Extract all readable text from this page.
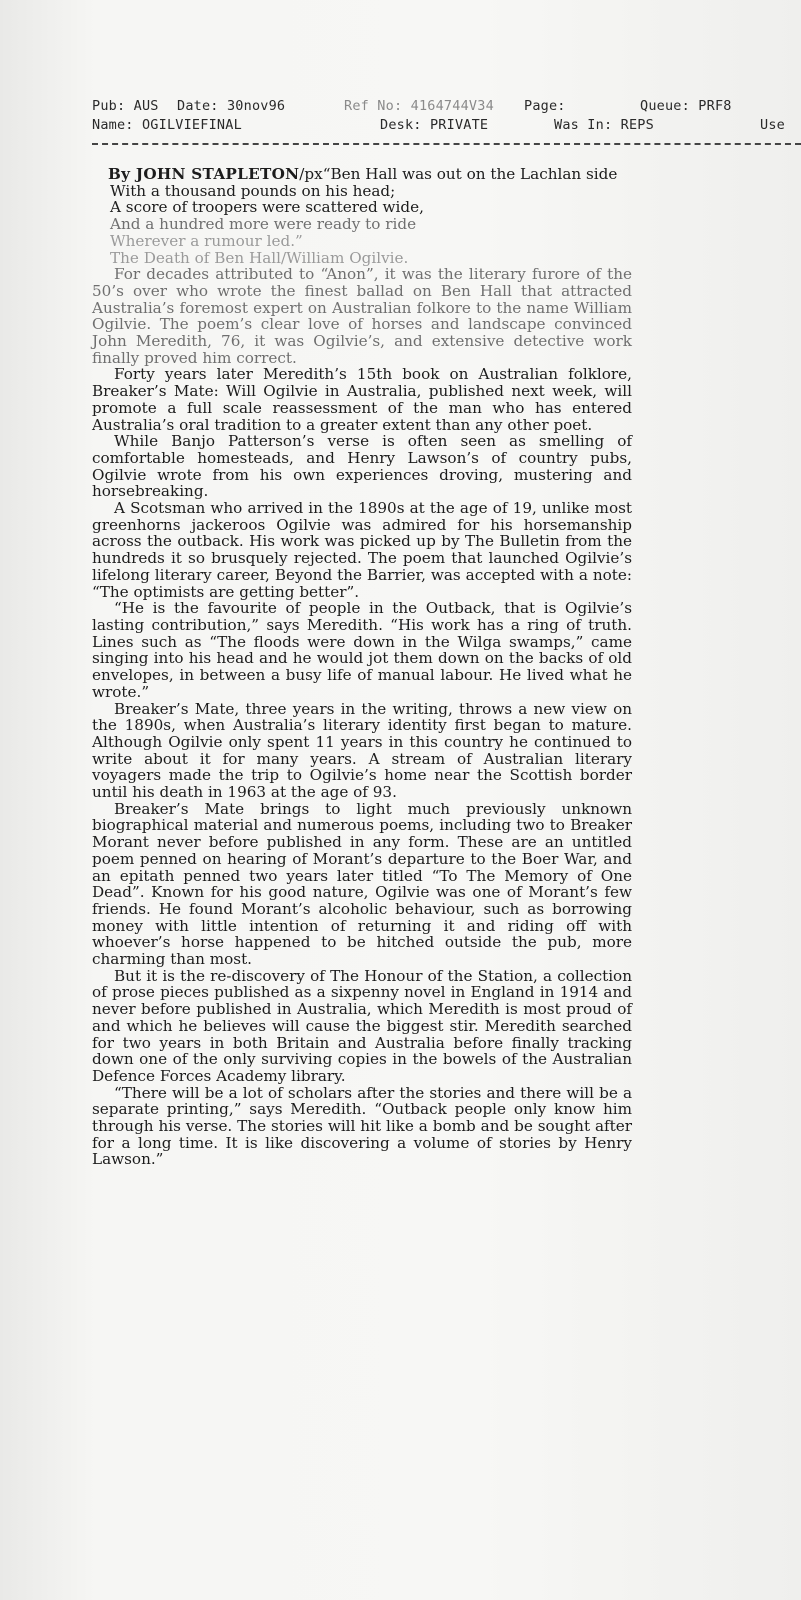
Pub: AUS Date: 30nov96	Ref No: 4164744V34 Page:	Queue: PRF8
Name: OGILVIEFINAL	Desk: PRIVATE	Was In: REPS	Use

By JOHN STAPLETON/px“Ben Hall was out on the Lachlan side

With a thousand pounds on his head;

A score of troopers were scattered wide,

And a hundred more were ready to ride

Wherever a rumour led.”

The Death of Ben Hall/William Ogilvie.

For decades attributed to “Anon”, it was the literary furore of the 50’s over who wrote the finest ballad on Ben Hall that attracted Australia’s foremost expert on Australian folkore to the name William Ogilvie. The poem’s clear love of horses and landscape convinced John Meredith, 76, it was Ogilvie’s, and extensive detective work finally proved him correct.

Forty years later Meredith’s 15th book on Australian folklore, Breaker’s Mate: Will Ogilvie in Australia, published next week, will promote a full scale reassessment of the man who has entered Australia’s oral tradition to a greater extent than any other poet.

While Banjo Patterson’s verse is often seen as smelling of comfortable homesteads, and Henry Lawson’s of country pubs, Ogilvie wrote from his own experiences droving, mustering and horsebreaking.

A Scotsman who arrived in the 1890s at the age of 19, unlike most greenhorns jackeroos Ogilvie was admired for his horsemanship across the outback. His work was picked up by The Bulletin from the hundreds it so brusquely rejected. The poem that launched Ogilvie’s lifelong literary career, Beyond the Barrier, was accepted with a note: “The optimists are getting better”.

“He is the favourite of people in the Outback, that is Ogilvie’s lasting contribution,” says Meredith. “His work has a ring of truth. Lines such as “The floods were down in the Wilga swamps,” came singing into his head and he would jot them down on the backs of old envelopes, in between a busy life of manual labour. He lived what he wrote.”

Breaker’s Mate, three years in the writing, throws a new view on the 1890s, when Australia’s literary identity first began to mature. Although Ogilvie only spent 11 years in this country he continued to write about it for many years. A stream of Australian literary voyagers made the trip to Ogilvie’s home near the Scottish border until his death in 1963 at the age of 93.

Breaker’s Mate brings to light much previously unknown biographical material and numerous poems, including two to Breaker Morant never before published in any form. These are an untitled poem penned on hearing of Morant’s departure to the Boer War, and an epitath penned two years later titled “To The Memory of One Dead”. Known for his good nature, Ogilvie was one of Morant’s few friends. He found Morant’s alcoholic behaviour, such as borrowing money with little intention of returning it and riding off with whoever’s horse happened to be hitched outside the pub, more charming than most.

But it is the re-discovery of The Honour of the Station, a collection of prose pieces published as a sixpenny novel in England in 1914 and never before published in Australia, which Meredith is most proud of and which he believes will cause the biggest stir. Meredith searched for two years in both Britain and Australia before finally tracking down one of the only surviving copies in the bowels of the Australian Defence Forces Academy library.

“There will be a lot of scholars after the stories and there will be a separate printing,” says Meredith. “Outback people only know him through his verse. The stories will hit like a bomb and be sought after for a long time. It is like discovering a volume of stories by Henry Lawson.”
